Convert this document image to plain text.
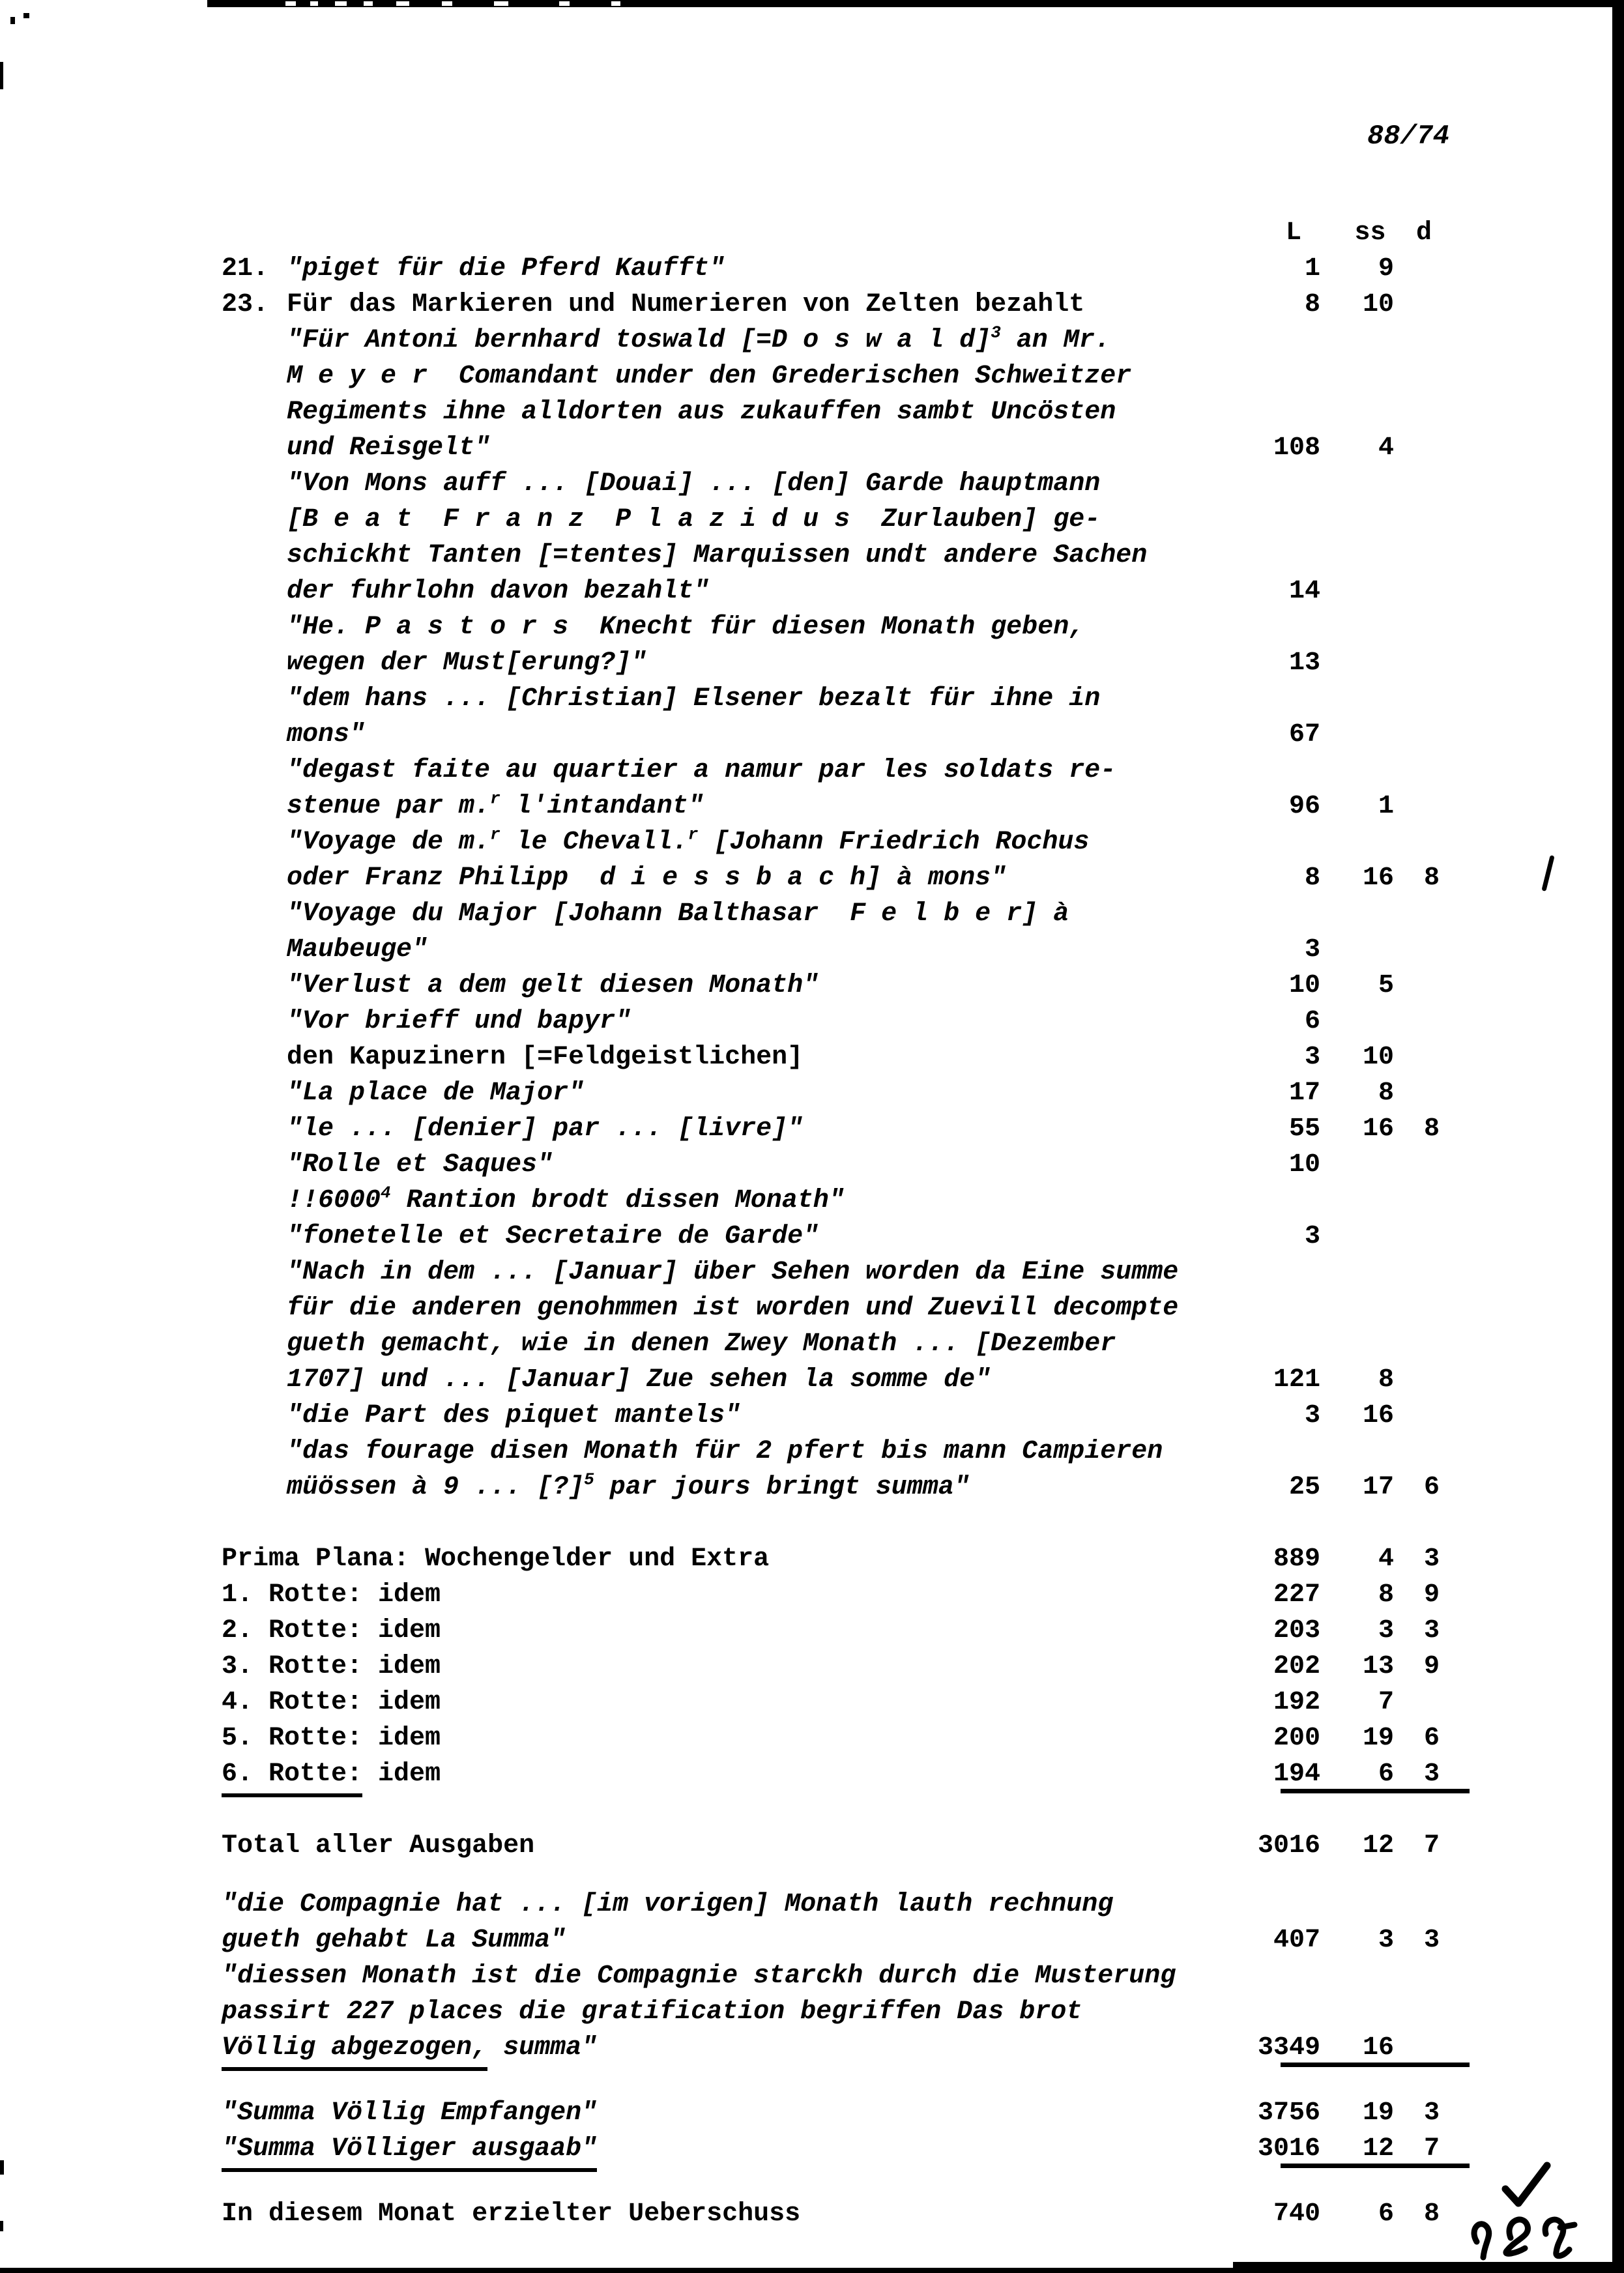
88/74
L	ss	d
21. "piget für die Pferd Kaufft"	1	9
23. Für das Markieren und Numerieren von Zelten bezahlt	8	10
"Für Antoni bernhard toswald [=D o s w a l d]$^3$ an Mr.
M e y e r  Comandant under den Grederischen Schweitzer
Regiments ihne alldorten aus zukauffen sambt Uncösten
und Reisgelt"	108	4
"Von Mons auff ... [Douai] ... [den] Garde hauptmann
[B e a t  F r a n z  P l a z i d u s  Zurlauben] ge-
schickht Tanten [=tentes] Marquissen undt andere Sachen
der fuhrlohn davon bezahlt"	14
"He. P a s t o r s  Knecht für diesen Monath geben,
wegen der Must[erung?]"	13
"dem hans ... [Christian] Elsener bezalt für ihne in
mons"	67
"degast faite au quartier a namur par les soldats re-
stenue par m.$^r$ l'intandant"	96	1
"Voyage de m.$^r$ le Chevall.$^r$ [Johann Friedrich Rochus
oder Franz Philipp  d i e s s b a c h] à mons"	8	16	8
"Voyage du Major [Johann Balthasar  F e l b e r] à
Maubeuge"	3
"Verlust a dem gelt diesen Monath"	10	5
"Vor brieff und bapyr"	6
den Kapuzinern [=Feldgeistlichen]	3	10
"La place de Major"	17	8
"le ... [denier] par ... [livre]"	55	16	8
"Rolle et Saques"	10
!!6000$^4$ Rantion brodt dissen Monath"
"fonetelle et Secretaire de Garde"	3
"Nach in dem ... [Januar] über Sehen worden da Eine summe
für die anderen genohmmen ist worden und Zuevill decompte
gueth gemacht, wie in denen Zwey Monath ... [Dezember
1707] und ... [Januar] Zue sehen la somme de"	121	8
"die Part des piquet mantels"	3	16
"das fourage disen Monath für 2 pfert bis mann Campieren
müössen à 9 ... [?]$^5$ par jours bringt summa"	25	17	6
Prima Plana: Wochengelder und Extra	889	4	3
1. Rotte: idem	227	8	9
2. Rotte: idem	203	3	3
3. Rotte: idem	202	13	9
4. Rotte: idem	192	7
5. Rotte: idem	200	19	6
6. Rotte: idem	194	6	3
Total aller Ausgaben	3016	12	7
"die Compagnie hat ... [im vorigen] Monath lauth rechnung
gueth gehabt La Summa"	407	3	3
"diessen Monath ist die Compagnie starckh durch die Musterung
passirt 227 places die gratification begriffen Das brot
Völlig abgezogen, summa"	3349	16
"Summa Völlig Empfangen"	3756	19	3
"Summa Völliger ausgaab"	3016	12	7
In diesem Monat erzielter Ueberschuss	740	6	8
